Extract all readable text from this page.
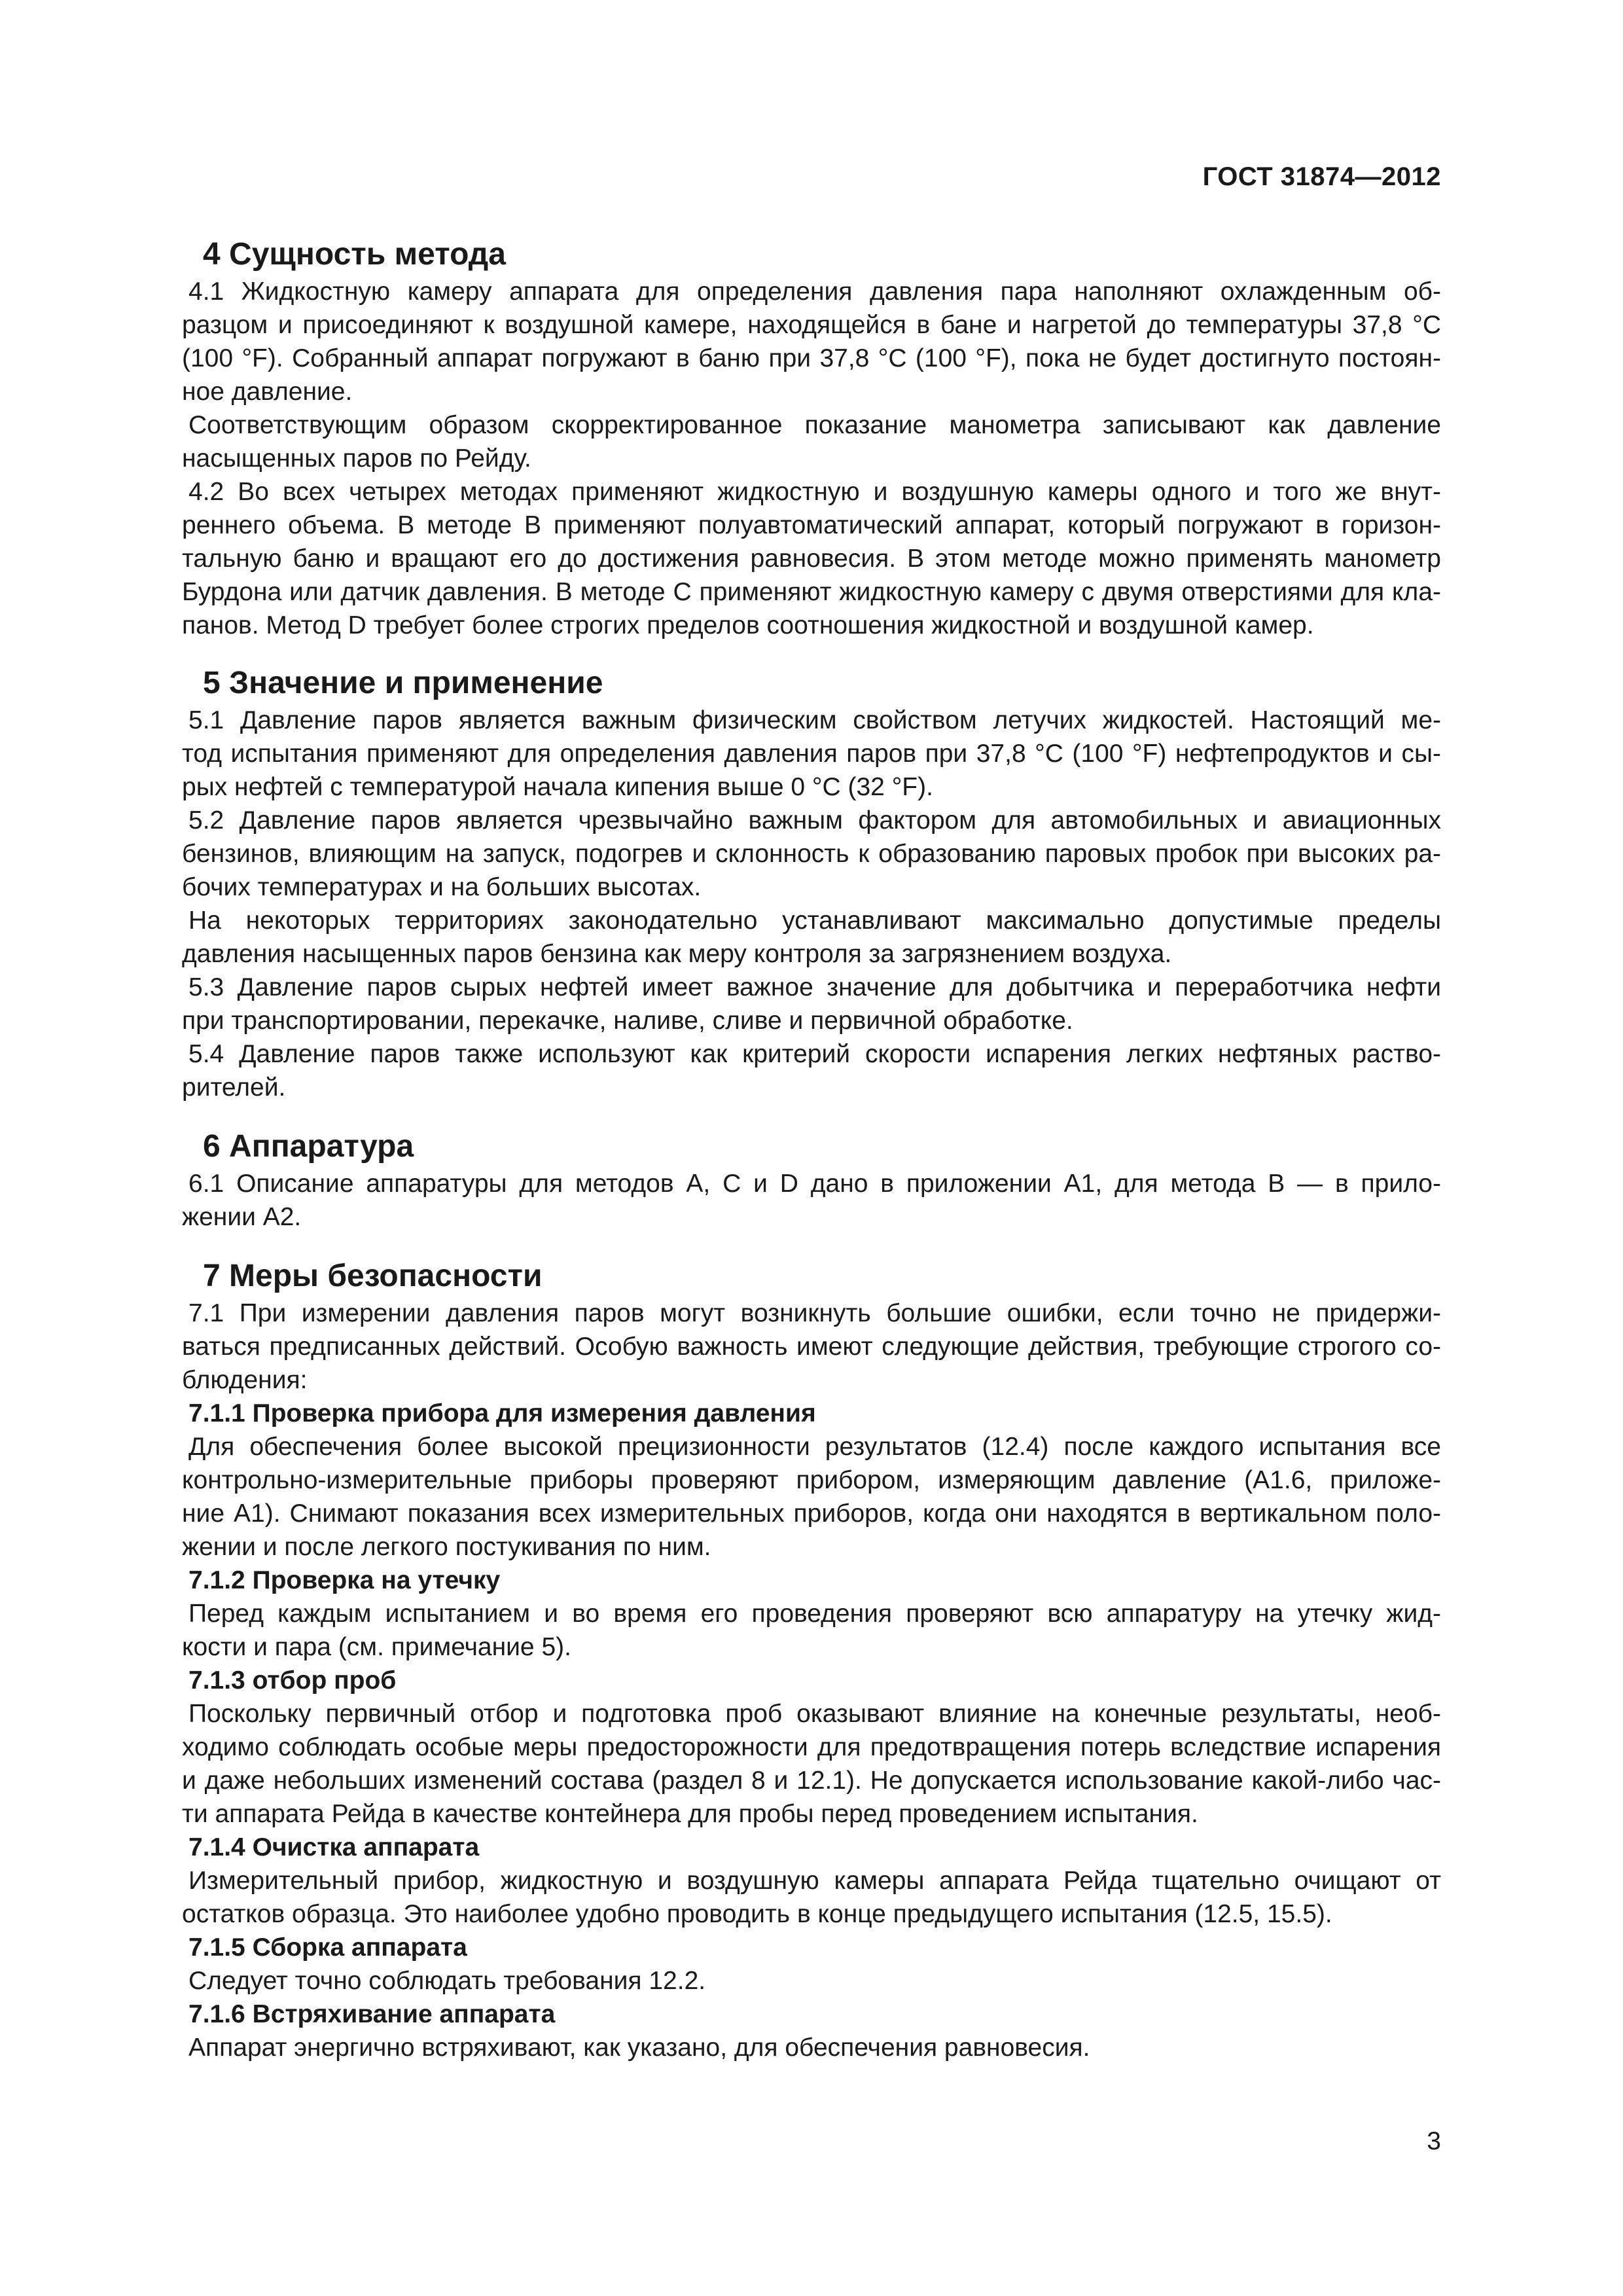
ГОСТ 31874—2012
4 Сущность метода

4.1 Жидкостную камеру аппарата для определения давления пара наполняют охлажденным об-
разцом и присоединяют к воздушной камере, находящейся в бане и нагретой до температуры 37,8 °С
(100 °F). Собранный аппарат погружают в баню при 37,8 °С (100 °F), пока не будет достигнуто постоян-
ное давление.

Соответствующим образом скорректированное показание манометра записывают как давление
насыщенных паров по Рейду.

4.2 Во всех четырех методах применяют жидкостную и воздушную камеры одного и того же внут-
реннего объема. В методе В применяют полуавтоматический аппарат, который погружают в горизон-
тальную баню и вращают его до достижения равновесия. В этом методе можно применять манометр
Бурдона или датчик давления. В методе С применяют жидкостную камеру с двумя отверстиями для кла-
панов. Метод D требует более строгих пределов соотношения жидкостной и воздушной камер.

5 Значение и применение

5.1 Давление паров является важным физическим свойством летучих жидкостей. Настоящий ме-
тод испытания применяют для определения давления паров при 37,8 °С (100 °F) нефтепродуктов и сы-
рых нефтей с температурой начала кипения выше 0 °С (32 °F).

5.2 Давление паров является чрезвычайно важным фактором для автомобильных и авиационных
бензинов, влияющим на запуск, подогрев и склонность к образованию паровых пробок при высоких ра-
бочих температурах и на больших высотах.

На некоторых территориях законодательно устанавливают максимально допустимые пределы
давления насыщенных паров бензина как меру контроля за загрязнением воздуха.

5.3 Давление паров сырых нефтей имеет важное значение для добытчика и переработчика нефти
при транспортировании, перекачке, наливе, сливе и первичной обработке.

5.4 Давление паров также используют как критерий скорости испарения легких нефтяных раство-
рителей.

6 Аппаратура

6.1 Описание аппаратуры для методов А, С и D дано в приложении А1, для метода В — в прило-
жении А2.

7 Меры безопасности

7.1 При измерении давления паров могут возникнуть большие ошибки, если точно не придержи-
ваться предписанных действий. Особую важность имеют следующие действия, требующие строгого со-
блюдения:

7.1.1 Проверка прибора для измерения давления

Для обеспечения более высокой прецизионности результатов (12.4) после каждого испытания все
контрольно-измерительные приборы проверяют прибором, измеряющим давление (А1.6, приложе-
ние А1). Снимают показания всех измерительных приборов, когда они находятся в вертикальном поло-
жении и после легкого постукивания по ним.

7.1.2 Проверка на утечку

Перед каждым испытанием и во время его проведения проверяют всю аппаратуру на утечку жид-
кости и пара (см. примечание 5).

7.1.3 отбор проб

Поскольку первичный отбор и подготовка проб оказывают влияние на конечные результаты, необ-
ходимо соблюдать особые меры предосторожности для предотвращения потерь вследствие испарения
и даже небольших изменений состава (раздел 8 и 12.1). Не допускается использование какой-либо час-
ти аппарата Рейда в качестве контейнера для пробы перед проведением испытания.

7.1.4 Очистка аппарата

Измерительный прибор, жидкостную и воздушную камеры аппарата Рейда тщательно очищают от
остатков образца. Это наиболее удобно проводить в конце предыдущего испытания (12.5, 15.5).

7.1.5 Сборка аппарата

Следует точно соблюдать требования 12.2.

7.1.6 Встряхивание аппарата

Аппарат энергично встряхивают, как указано, для обеспечения равновесия.

3
